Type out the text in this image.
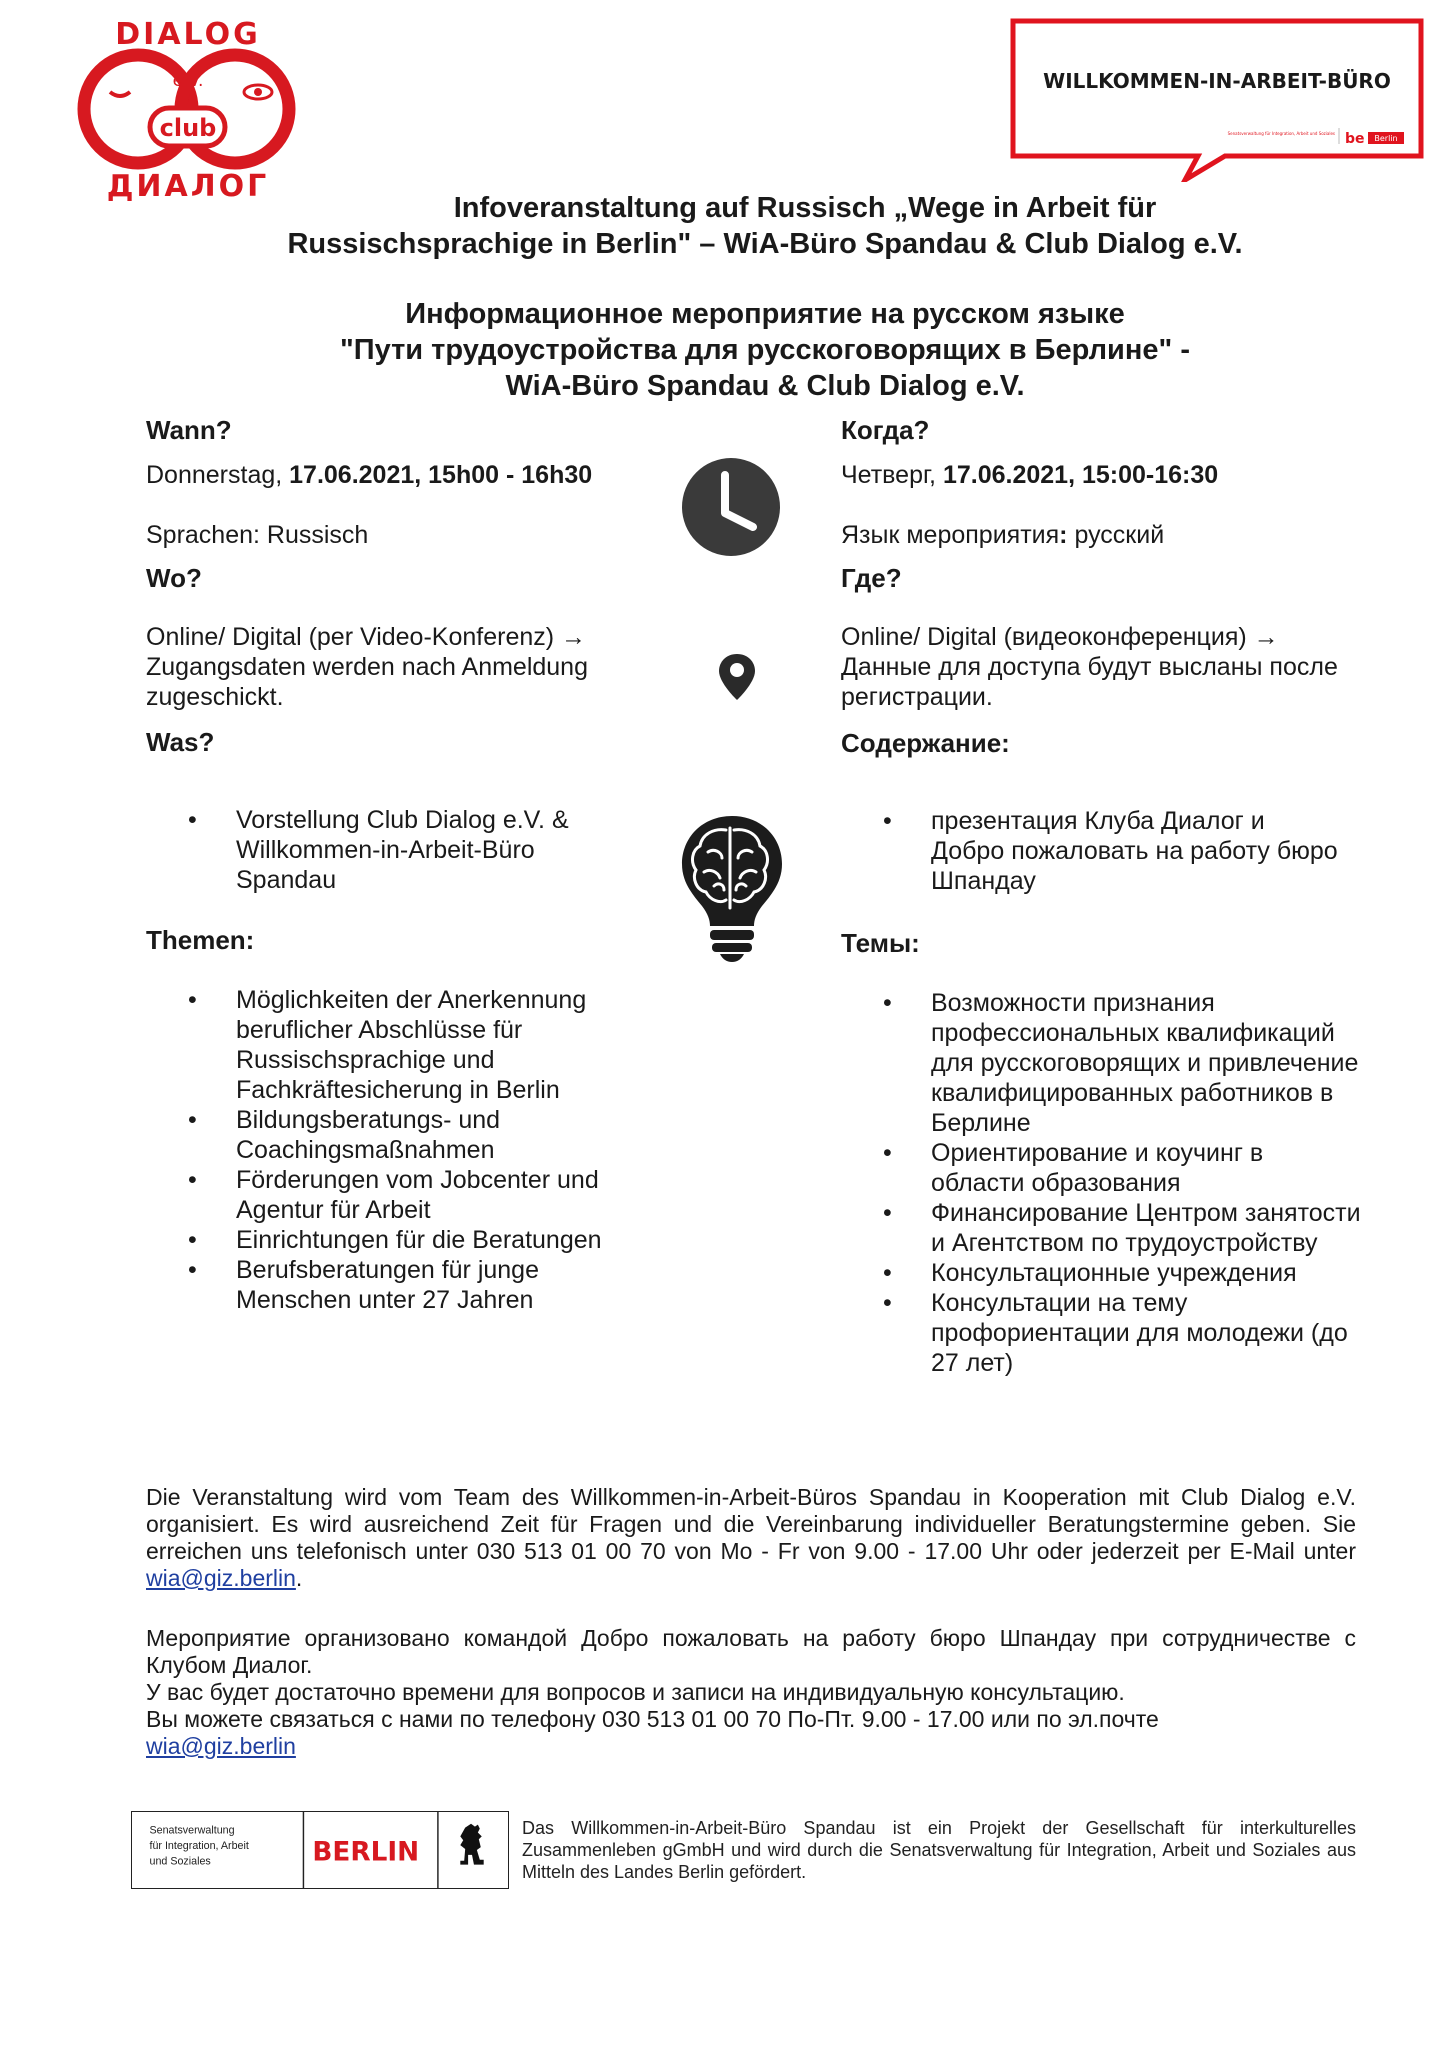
DIALOG
e.V.
club
ДИАЛОГ
WILLKOMMEN-IN-ARBEIT-BÜRO
Senatsverwaltung für Integration, Arbeit und Soziales be Berlin
Infoveranstaltung auf Russisch „Wege in Arbeit für
Russischsprachige in Berlin" – WiA-Büro Spandau & Club Dialog e.V.
Информационное мероприятие на русском языке
"Пути трудоустройства для русскоговорящих в Берлине" -
WiA-Büro Spandau & Club Dialog e.V.
Wann?
Donnerstag, 17.06.2021, 15h00 - 16h30
Sprachen: Russisch
Wo?
Online/ Digital (per Video-Konferenz) → Zugangsdaten werden nach Anmeldung zugeschickt.
Was?
• Vorstellung Club Dialog e.V. & Willkommen-in-Arbeit-Büro Spandau
Themen:
• Möglichkeiten der Anerkennung beruflicher Abschlüsse für Russischsprachige und Fachkräftesicherung in Berlin
• Bildungsberatungs- und Coachingsmaßnahmen
• Förderungen vom Jobcenter und Agentur für Arbeit
• Einrichtungen für die Beratungen
• Berufsberatungen für junge Menschen unter 27 Jahren
Когда?
Четверг, 17.06.2021, 15:00-16:30
Язык мероприятия: русский
Где?
Online/ Digital (видеоконференция) → Данные для доступа будут высланы после регистрации.
Содержание:
• презентация Клуба Диалог и Добро пожаловать на работу бюро Шпандау
Темы:
• Возможности признания профессиональных квалификаций для русскоговорящих и привлечение квалифицированных работников в Берлине
• Ориентирование и коучинг в области образования
• Финансирование Центром занятости и Агентством по трудоустройству
• Консультационные учреждения
• Консультации на тему профориентации для молодежи (до 27 лет)

Die Veranstaltung wird vom Team des Willkommen-in-Arbeit-Büros Spandau in Kooperation mit Club Dialog e.V. organisiert. Es wird ausreichend Zeit für Fragen und die Vereinbarung individueller Beratungstermine geben. Sie erreichen uns telefonisch unter 030 513 01 00 70 von Mo - Fr von 9.00 - 17.00 Uhr oder jederzeit per E-Mail unter wia@giz.berlin.

Мероприятие организовано командой Добро пожаловать на работу бюро Шпандау при сотрудничестве с Клубом Диалог.

У вас будет достаточно времени для вопросов и записи на индивидуальную консультацию.

Вы можете связаться с нами по телефону 030 513 01 00 70 По-Пт. 9.00 - 17.00 или по эл.почте

wia@giz.berlin

Senatsverwaltung
für Integration, Arbeit
und Soziales	BERLIN
Das Willkommen-in-Arbeit-Büro Spandau ist ein Projekt der Gesellschaft für interkulturelles Zusammenleben gGmbH und wird durch die Senatsverwaltung für Integration, Arbeit und Soziales aus Mitteln des Landes Berlin gefördert.
